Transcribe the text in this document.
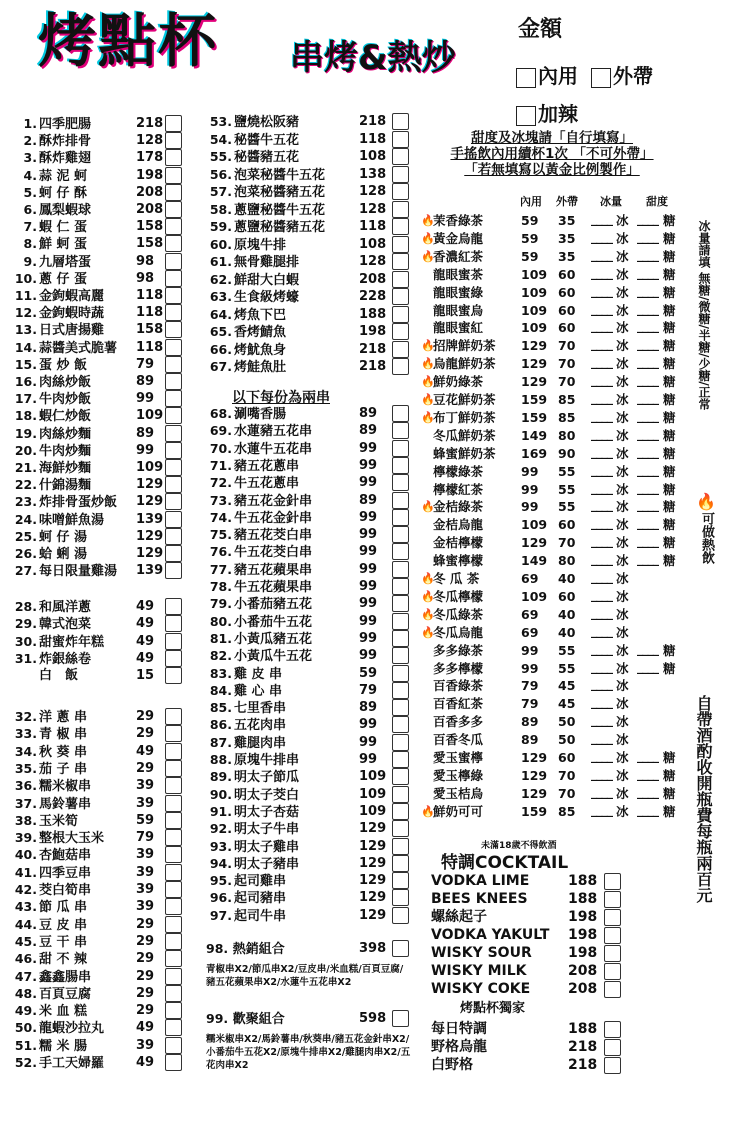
烤點杯 串烤&熱炒
金額
內用 外帶
加辣
1. 四季肥腸	218
2. 酥炸排骨	128
3. 酥炸雞翅	178
4. 蒜 泥 蚵	198
5. 蚵 仔 酥	208
6. 鳳梨蝦球	208
7. 蝦 仁 蛋	158
8. 鮮 蚵 蛋	158
9. 九層塔蛋	98
10. 蔥 仔 蛋	98
11. 金鉤蝦高麗 118
12. 金鉤蝦時蔬 118
13. 日式唐揚雞 158
14. 蒜醬美式脆薯 118
15. 蛋 炒 飯	79
16. 肉絲炒飯	89
17. 牛肉炒飯	99
18. 蝦仁炒飯	109
19. 肉絲炒麵	89
20. 牛肉炒麵	99
21. 海鮮炒麵	109
22. 什錦湯麵	129
23. 炸排骨蛋炒飯 129
24. 味噌鮮魚湯 139
25. 蚵 仔 湯	129
26. 蛤 蜊 湯	129
27. 每日限量雞湯 139
28. 和風洋蔥	49
29. 韓式泡菜	49
30. 甜蜜炸年糕 49
31. 炸銀絲卷	49
白　飯	15
32. 洋 蔥 串	29
33. 青 椒 串	29
34. 秋 葵 串	49
35. 茄 子 串	29
36. 糯米椒串	39
37. 馬鈴薯串	39
38. 玉米筍	59
39. 整根大玉米 79
40. 杏鮑菇串	39
41. 四季豆串	39
42. 茭白筍串	39
43. 節 瓜 串	39
44. 豆 皮 串	29
45. 豆 干 串	29
46. 甜 不 辣	29
47. 鑫鑫腸串	29
48. 百頁豆腐	29
49. 米 血 糕	29
50. 龍蝦沙拉丸 49
51. 糯 米 腸	39
52. 手工天婦羅 49
53. 鹽燒松阪豬	218
54. 秘醬牛五花	118
55. 秘醬豬五花	108
56. 泡菜秘醬牛五花	138
57. 泡菜秘醬豬五花	128
58. 蔥鹽秘醬牛五花	128
59. 蔥鹽秘醬豬五花	118
60. 原塊牛排	108
61. 無骨雞腿排	128
62. 鮮甜大白蝦	208
63. 生食級烤蠔	228
64. 烤魚下巴	188
65. 香烤鯖魚	198
66. 烤魷魚身	218
67. 烤鮭魚肚	218
68. 涮嘴香腸	89
69. 水蓮豬五花串	89
70. 水蓮牛五花串	99
71. 豬五花蔥串	99
72. 牛五花蔥串	99
73. 豬五花金針串	89
74. 牛五花金針串	99
75. 豬五花茭白串	99
76. 牛五花茭白串	99
77. 豬五花蘋果串	99
78. 牛五花蘋果串	99
79. 小番茄豬五花	99
80. 小番茄牛五花	99
81. 小黃瓜豬五花	99
82. 小黃瓜牛五花	99
83. 雞 皮 串	59
84. 雞 心 串	79
85. 七里香串	89
86. 五花肉串	99
87. 雞腿肉串	99
88. 原塊牛排串	99
89. 明太子節瓜	109
90. 明太子茭白	109
91. 明太子杏菇	109
92. 明太子牛串	129
93. 明太子雞串	129
94. 明太子豬串	129
95. 起司雞串	129
96. 起司豬串	129
97. 起司牛串	129
以下每份為兩串
甜度及冰塊請「自行填寫」
手搖飲內用續杯1次 「不可外帶」
「若無填寫以黃金比例製作」
內用 外帶 冰量 甜度
🔥
茉香綠茶	59 35 ____ 冰 ____ 糖
🔥
黃金烏龍	59 35 ____ 冰 ____ 糖
🔥
香濃紅茶	59 35 ____ 冰 ____ 糖
龍眼蜜茶	109 60 ____ 冰 ____ 糖
龍眼蜜綠	109 60 ____ 冰 ____ 糖
龍眼蜜烏	109 60 ____ 冰 ____ 糖
龍眼蜜紅	109 60 ____ 冰 ____ 糖
🔥
招牌鮮奶茶 129 70 ____ 冰 ____ 糖
🔥
烏龍鮮奶茶 129 70 ____ 冰 ____ 糖
🔥
鮮奶綠茶	129 70 ____ 冰 ____ 糖
🔥
豆花鮮奶茶 159 85 ____ 冰 ____ 糖
🔥
布丁鮮奶茶 159 85 ____ 冰 ____ 糖
冬瓜鮮奶茶 149 80 ____ 冰 ____ 糖
蜂蜜鮮奶茶 169 90 ____ 冰 ____ 糖
檸檬綠茶	99 55 ____ 冰 ____ 糖
檸檬紅茶	99 55 ____ 冰 ____ 糖
🔥
金桔綠茶	99 55 ____ 冰 ____ 糖
金桔烏龍	109 60 ____ 冰 ____ 糖
金桔檸檬	129 70 ____ 冰 ____ 糖
蜂蜜檸檬	149 80 ____ 冰 ____ 糖
🔥
冬 瓜 茶	69 40 ____ 冰
🔥
冬瓜檸檬	109 60 ____ 冰
🔥
冬瓜綠茶	69 40 ____ 冰
🔥
冬瓜烏龍	69 40 ____ 冰
多多綠茶	99 55 ____ 冰 ____ 糖
多多檸檬	99 55 ____ 冰 ____ 糖
百香綠茶	79 45 ____ 冰
百香紅茶	79 45 ____ 冰
百香多多	89 50 ____ 冰
百香冬瓜	89 50 ____ 冰
愛玉蜜檸	129 60 ____ 冰 ____ 糖
愛玉檸綠	129 70 ____ 冰 ____ 糖
愛玉桔烏	129 70 ____ 冰 ____ 糖
🔥
鮮奶可可	159 85 ____ 冰 ____ 糖
冰量請填 無糖/微糖/半糖/少糖/正常
🔥
可做熱飲
自帶酒酌收開瓶費每瓶兩百元
未滿18歲不得飲酒
特調COCKTAIL
VODKA LIME	188
BEES KNEES	188
螺絲起子	198
VODKA YAKULT 198
WISKY SOUR	198
WISKY MILK	208
WISKY COKE	208
烤點杯獨家
每日特調	188
野格烏龍	218
白野格	218
98. 熱銷組合	398
青椒串X2/節瓜串X2/豆皮串/米血糕/百頁豆腐/豬五花蘋果串X2/水蓮牛五花串X2
99. 歡聚組合	598
糯米椒串X2/馬鈴薯串/秋葵串/豬五花金針串X2/小番茄牛五花X2/原塊牛排串X2/雞腿肉串X2/五花肉串X2
